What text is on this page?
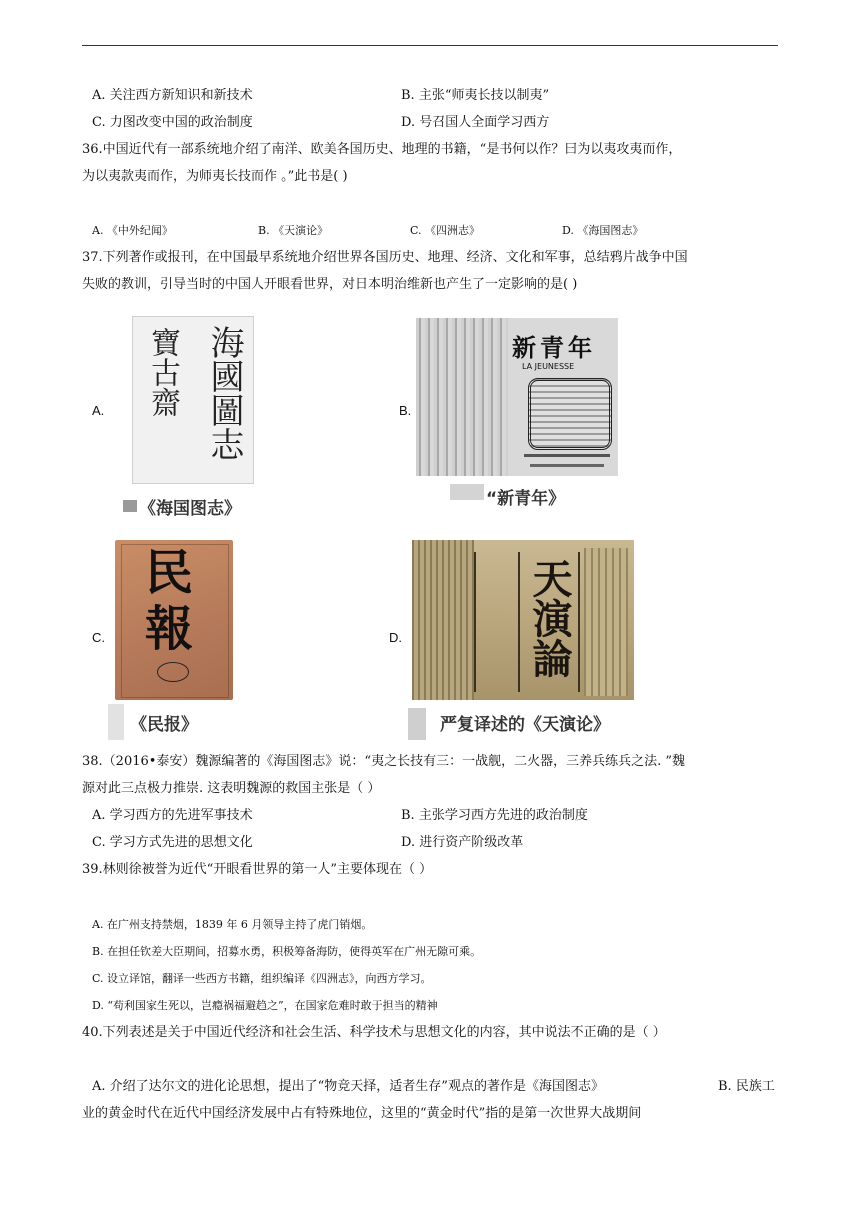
A. 关注西方新知识和新技术	B. 主张“师夷长技以制夷”
C. 力图改变中国的政治制度	D. 号召国人全面学习西方
36.中国近代有一部系统地介绍了南洋、欧美各国历史、地理的书籍，“是书何以作？曰为以夷攻夷而作，
为以夷款夷而作，为师夷长技而作 。”此书是( )
A. 《中外纪闻》	B. 《天演论》	C. 《四洲志》	D. 《海国图志》
37.下列著作或报刊，在中国最早系统地介绍世界各国历史、地理、经济、文化和军事，总结鸦片战争中国
失败的教训，引导当时的中国人开眼看世界，对日本明治维新也产生了一定影响的是( )
A.	海國圖志
寶古齋
《海国图志》
B.
新青年
LA JEUNESSE
“新青年》
C.
民
報
《民报》
D.	天演論
严复译述的《天演论》
38.（2016•泰安）魏源编著的《海国图志》说：“夷之长技有三：一战舰，二火器，三养兵练兵之法. ”魏
源对此三点极力推崇. 这表明魏源的救国主张是（ ）
A. 学习西方的先进军事技术	B. 主张学习西方先进的政治制度
C. 学习方式先进的思想文化	D. 进行资产阶级改革
39.林则徐被誉为近代“开眼看世界的第一人”主要体现在（ ）
A. 在广州支持禁烟，1839 年 6 月领导主持了虎门销烟。
B. 在担任钦差大臣期间，招募水勇，积极筹备海防，使得英军在广州无隙可乘。
C. 设立译馆，翻译一些西方书籍，组织编译《四洲志》，向西方学习。
D. “苟利国家生死以，岂瘾祸福避趋之”，在国家危难时敢于担当的精神
40.下列表述是关于中国近代经济和社会生活、科学技术与思想文化的内容，其中说法不正确的是（ ）
A. 介绍了达尔文的进化论思想，提出了“物竞天择，适者生存”观点的著作是《海国图志》	B. 民族工
业的黄金时代在近代中国经济发展中占有特殊地位，这里的“黄金时代”指的是第一次世界大战期间
